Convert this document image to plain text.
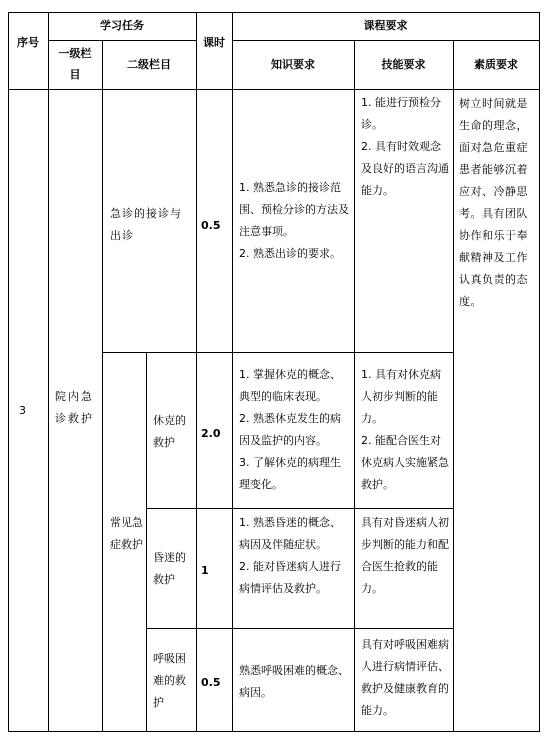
序号
学习任务
一级栏目
二级栏目
课时
课程要求
知识要求	技能要求	素质要求
3
院内急诊救护
急诊的接诊与出诊
0.5
1. 熟悉急诊的接诊范围、预检分诊的方法及注意事项。
2. 熟悉出诊的要求。
1. 能进行预检分诊。
2. 具有时效观念及良好的语言沟通能力。
树立时间就是生命的理念，面对急危重症患者能够沉着应对、冷静思考。具有团队协作和乐于奉献精神及工作认真负责的态度。
常见急症救护
休克的救护
2.0
1. 掌握休克的概念、典型的临床表现。
2. 熟悉休克发生的病因及监护的内容。
3. 了解休克的病理生理变化。
1. 具有对休克病人初步判断的能力。
2. 能配合医生对休克病人实施紧急救护。
昏迷的救护
1
1. 熟悉昏迷的概念、病因及伴随症状。
2. 能对昏迷病人进行病情评估及救护。
具有对昏迷病人初步判断的能力和配合医生抢救的能力。
呼吸困难的救护
0.5
熟悉呼吸困难的概念、病因。
具有对呼吸困难病人进行病情评估、救护及健康教育的能力。
